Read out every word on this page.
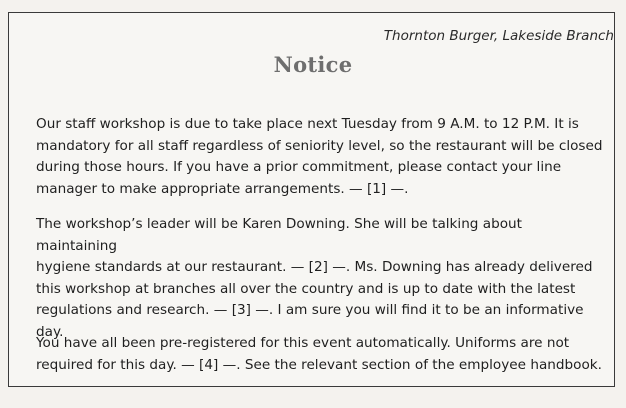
Thornton Burger, Lakeside Branch
Notice

Our staff workshop is due to take place next Tuesday from 9 A.M. to 12 P.M. It is
mandatory for all staff regardless of seniority level, so the restaurant will be closed
during those hours. If you have a prior commitment, please contact your line
manager to make appropriate arrangements. — [1] —.

The workshop’s leader will be Karen Downing. She will be talking about maintaining
hygiene standards at our restaurant. — [2] —. Ms. Downing has already delivered
this workshop at branches all over the country and is up to date with the latest
regulations and research. — [3] —. I am sure you will find it to be an informative
day.

You have all been pre-registered for this event automatically. Uniforms are not
required for this day. — [4] —. See the relevant section of the employee handbook.
